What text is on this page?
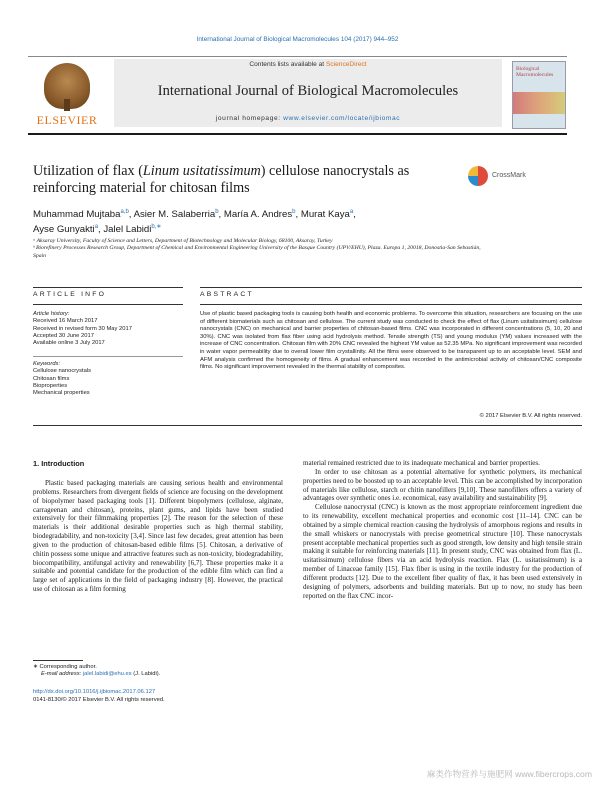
International Journal of Biological Macromolecules 104 (2017) 944–952
ELSEVIER
Contents lists available at ScienceDirect
International Journal of Biological Macromolecules
journal homepage: www.elsevier.com/locate/ijbiomac
Biological Macromolecules
Utilization of flax (Linum usitatissimum) cellulose nanocrystals as reinforcing material for chitosan films
CrossMark
Muhammad Mujtaba$^{a,b}$, Asier M. Salaberria$^b$, María A. Andres$^b$, Murat Kaya$^a$,
Ayse Gunyakti$^a$, Jalel Labidi$^{b,∗}$
ᵃ Aksaray University, Faculty of Science and Letters, Department of Biotechnology and Molecular Biology, 68100, Aksaray, Turkey
ᵇ Biorefinery Processes Research Group, Department of Chemical and Environmental Engineering University of the Basque Country (UPV/EHU), Plaza. Europa 1, 20018, Donostia-San Sebastián, Spain
ARTICLE INFO	ABSTRACT
Article history:
Received 16 March 2017
Received in revised form 30 May 2017
Accepted 30 June 2017
Available online 3 July 2017
Keywords:
Cellulose nanocrystals
Chitosan films
Bioproperties
Mechanical properties
Use of plastic based packaging tools is causing both health and economic problems. To overcome this situation, researchers are focusing on the use of different biomaterials such as chitosan and cellulose. The current study was conducted to check the effect of flax (Linum usitatissimum) cellulose nanocrystals (CNC) on mechanical and barrier properties of chitosan-based films. CNC was incorporated in different concentrations (5, 10, 20 and 30%). CNC was isolated from flax fiber using acid hydrolysis method. Tensile strength (TS) and young modulus (YM) values increased with the increase of CNC concentration. Chitosan film with 20% CNC revealed the highest YM value as 52.35 MPa. No significant improvement was recorded in water vapor permeability due to overall lower film crystallinity. All the films were observed to be transparent up to an acceptable level. SEM and AFM analysis confirmed the homogeneity of films. A gradual enhancement was recorded in the antimicrobial activity of chitosan/CNC composite films. No significant improvement revealed in the thermal stability of composites.
© 2017 Elsevier B.V. All rights reserved.
1. Introduction

Plastic based packaging materials are causing serious health and environmental problems. Researchers from divergent fields of science are focusing on the development of biopolymer based packaging tools [1]. Different biopolymers (cellulose, alginate, carrageenan and chitosan), proteins, plant gums, and lipids have been studied extensively for their filmmaking properties [2]. The reason for the selection of these materials is their additional desirable properties such as high thermal stability, biodegradability, and non-toxicity [3,4]. Since last few decades, great attention has been given to the production of chitosan-based edible films [5]. Chitosan, a derivative of chitin possess some unique and attractive features such as non-toxicity, biodegradability, biocompatibility, antifungal activity and renewability [6,7]. These properties make it a suitable and potential candidate for the production of the edible film which can find a large set of applications in the field of packaging industry [8]. However, the practical use of chitosan as a film forming

material remained restricted due to its inadequate mechanical and barrier properties.

In order to use chitosan as a potential alternative for synthetic polymers, its mechanical properties need to be boosted up to an acceptable level. This can be accomplished by incorporation of materials like cellulose, starch or chitin nanofillers [9,10]. These nanofillers offers a variety of advantages over synthetic ones i.e. economical, easy availability and sustainability [9].

Cellulose nanocrystal (CNC) is known as the most appropriate reinforcement ingredient due to its renewability, excellent mechanical properties and economic cost [11–14]. CNC can be obtained by a simple chemical reaction causing the hydrolysis of amorphous regions and results in the small whiskers or nanocrystals with precise geometrical structure [10]. These nanocrystals present acceptable mechanical properties such as good strength, low density and high tensile strain making it suitable for reinforcing materials [11]. In present study, CNC was obtained from flax (L. usitatissimum) cellulose fibers via an acid hydrolysis reaction. Flax (L. usitatissimum) is a member of Linaceae family [15]. Flax fiber is using in the textile industry for the production of different products [12]. Due to the excellent fiber quality of flax, it has been used extensively in designing of polymers, adsorbents and building materials. But up to now, no study has been reported on the flax CNC incor-

∗ Corresponding author.
E-mail address: jalel.labidi@ehu.es (J. Labidi).
http://dx.doi.org/10.1016/j.ijbiomac.2017.06.127
0141-8130/© 2017 Elsevier B.V. All rights reserved.
麻类作物营养与施肥网 www.fibercrops.com
